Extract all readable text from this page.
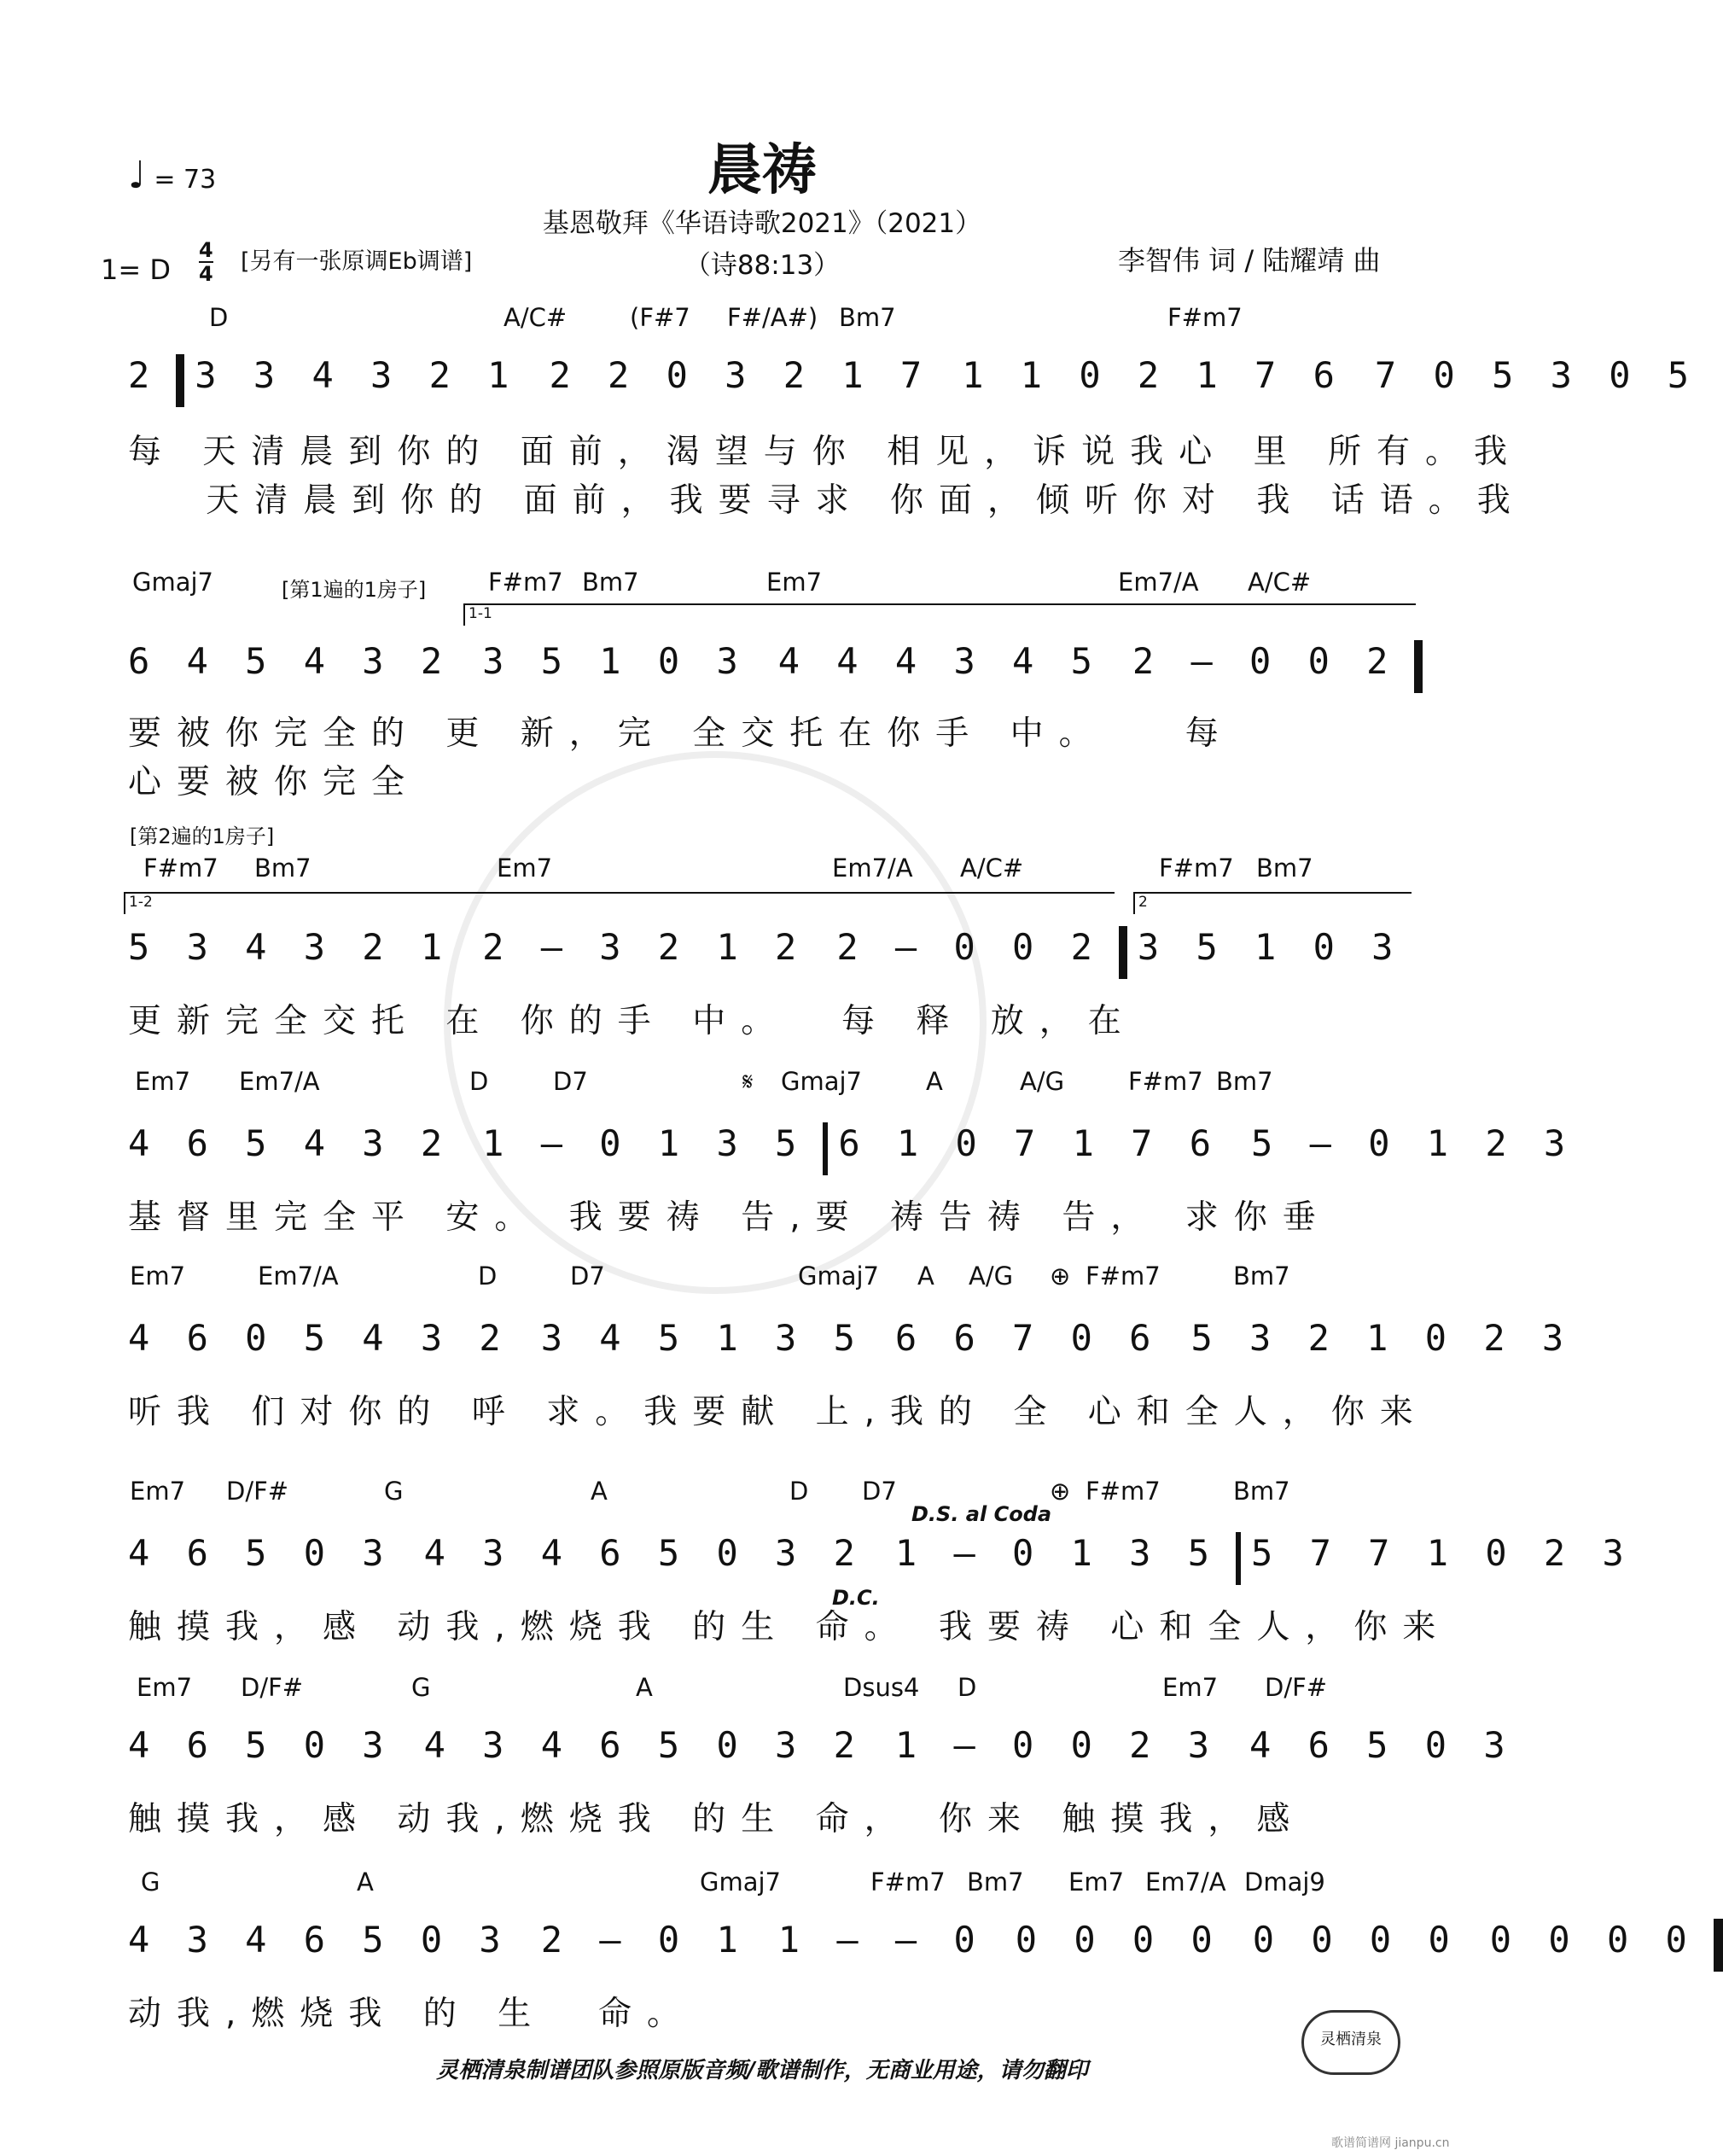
♩ = 73	晨祷
基恩敬拜《华语诗歌2021》（2021）
（诗88:13）
1= D
4
4 [另有一张原调Eb调谱]	李智伟 词 / 陆耀靖 曲
D	A/C#	(F#7 F#/A#) Bm7	F#m7
2 3 3 4 3 2 1 2 2 0 3 2 1 7 1 1 0 2 1 7 6 7 0 5 3 0 5
每 天清晨到你的 面前，渴望与你 相见，诉说我心 里 所有。我
天清晨到你的 面前，我要寻求 你面，倾听你对 我 话语。我
Gmaj7	[第1遍的1房子]	F#m7 Bm7	Em7	Em7/A A/C#
1-1
6 4 5 4 3 2 3 5 1 0 3 4 4 4 3 4 5 2 – 0 0 2
要被你完全的 更 新，完 全交托在你手 中。   每
心要被你完全
[第2遍的1房子]
F#m7 Bm7	Em7	Em7/A A/C#	F#m7 Bm7
1-2	2
5 3 4 3 2 1 2 – 3 2 1 2 2 – 0 0 2 3 5 1 0 3
更新完全交托 在 你的手 中。  每 释 放，在
Em7 Em7/A	D	D7	𝄋 Gmaj7	A	A/G	F#m7 Bm7
4 6 5 4 3 2 1 – 0 1 3 5 6 1 0 7 1 7 6 5 – 0 1 2 3
基督里完全平 安。 我要祷 告,要 祷告祷 告， 求你垂
Em7	Em7/A	D	D7	Gmaj7 A A/G ⊕ F#m7	Bm7
4 6 0 5 4 3 2 3 4 5 1 3 5 6 6 7 0 6 5 3 2 1 0 2 3
听我 们对你的 呼 求。我要献 上,我的 全 心和全人，你来
Em7 D/F#	G	A	D D7	⊕ F#m7	Bm7
D.S. al Coda
4 6 5 0 3 4 3 4 6 5 0 3 2 1 – 0 1 3 5 5 7 7 1 0 2 3
D.C.
触摸我，感 动我,燃烧我 的生 命。 我要祷 心和全人，你来
Em7 D/F#	G	A	Dsus4 D	Em7 D/F#
4 6 5 0 3 4 3 4 6 5 0 3 2 1 – 0 0 2 3 4 6 5 0 3
触摸我，感 动我,燃烧我 的生 命， 你来 触摸我，感
G	A	Gmaj7	F#m7 Bm7 Em7 Em7/A Dmaj9
4 3 4 6 5 0 3 2 – 0 1 1 – – 0 0 0 0 0 0 0 0 0 0 0 0 0
动我,燃烧我 的 生  命。
灵栖清泉制谱团队参照原版音频/歌谱制作，无商业用途，请勿翻印
灵栖清泉
歌谱简谱网 jianpu.cn
